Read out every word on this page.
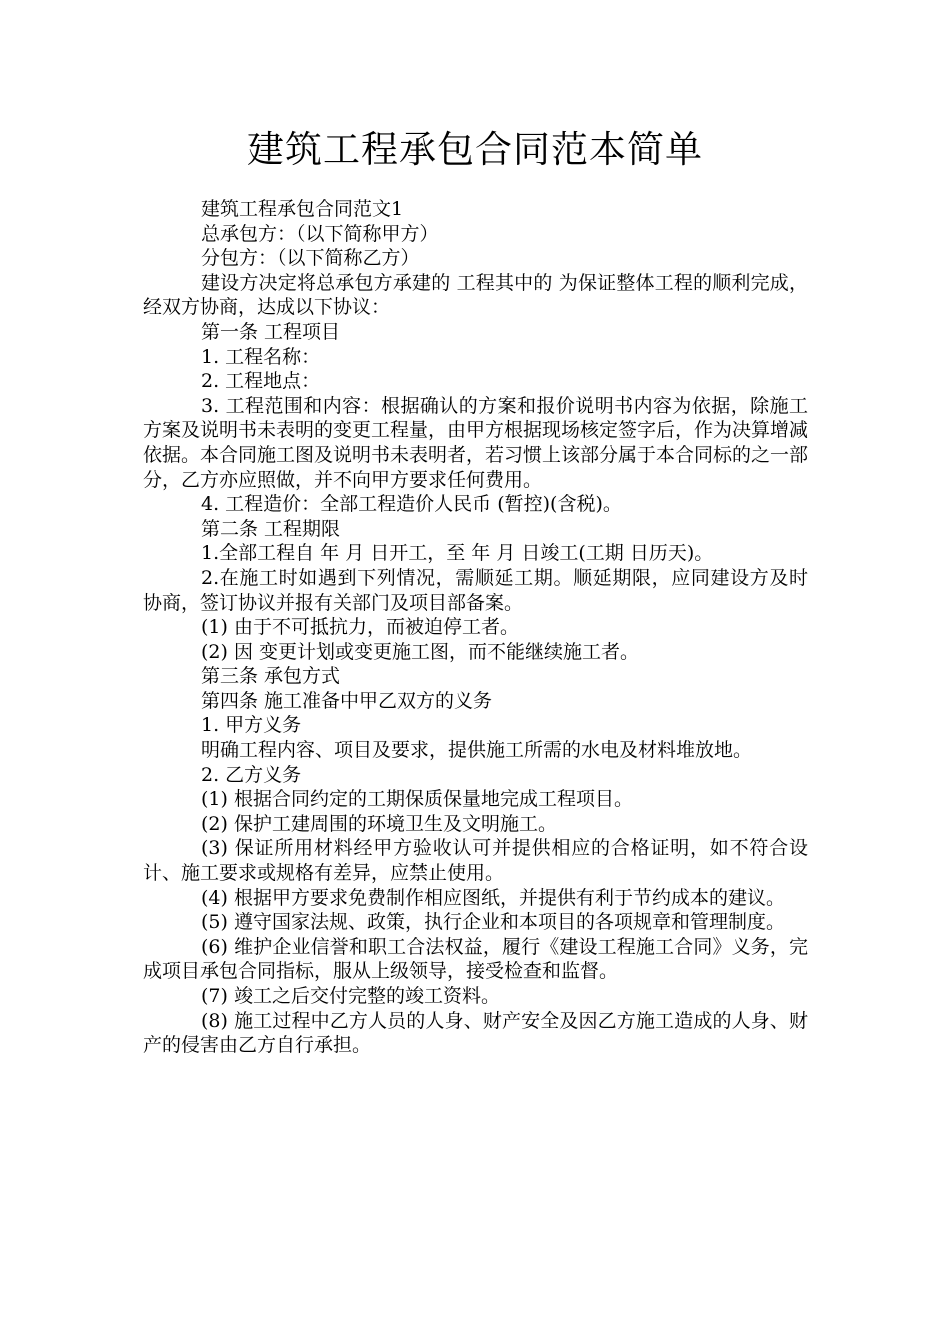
建筑工程承包合同范本简单

建筑工程承包合同范文1

总承包方：（以下简称甲方）

分包方：（以下简称乙方）

建设方决定将总承包方承建的 工程其中的 为保证整体工程的顺利完成，经双方协商，达成以下协议：

第一条 工程项目

1. 工程名称：

2. 工程地点：

3. 工程范围和内容：根据确认的方案和报价说明书内容为依据，除施工方案及说明书未表明的变更工程量，由甲方根据现场核定签字后，作为决算增减依据。本合同施工图及说明书未表明者，若习惯上该部分属于本合同标的之一部分，乙方亦应照做，并不向甲方要求任何费用。

4. 工程造价：全部工程造价人民币 (暂控)(含税)。

第二条 工程期限

1.全部工程自 年 月 日开工，至 年 月 日竣工(工期 日历天)。

2.在施工时如遇到下列情况，需顺延工期。顺延期限，应同建设方及时协商，签订协议并报有关部门及项目部备案。

(1) 由于不可抵抗力，而被迫停工者。

(2) 因 变更计划或变更施工图，而不能继续施工者。

第三条 承包方式

第四条 施工准备中甲乙双方的义务

1. 甲方义务

明确工程内容、项目及要求，提供施工所需的水电及材料堆放地。

2. 乙方义务

(1) 根据合同约定的工期保质保量地完成工程项目。

(2) 保护工建周围的环境卫生及文明施工。

(3) 保证所用材料经甲方验收认可并提供相应的合格证明，如不符合设计、施工要求或规格有差异，应禁止使用。

(4) 根据甲方要求免费制作相应图纸，并提供有利于节约成本的建议。

(5) 遵守国家法规、政策，执行企业和本项目的各项规章和管理制度。

(6) 维护企业信誉和职工合法权益，履行《建设工程施工合同》义务，完成项目承包合同指标，服从上级领导，接受检查和监督。

(7) 竣工之后交付完整的竣工资料。

(8) 施工过程中乙方人员的人身、财产安全及因乙方施工造成的人身、财产的侵害由乙方自行承担。
